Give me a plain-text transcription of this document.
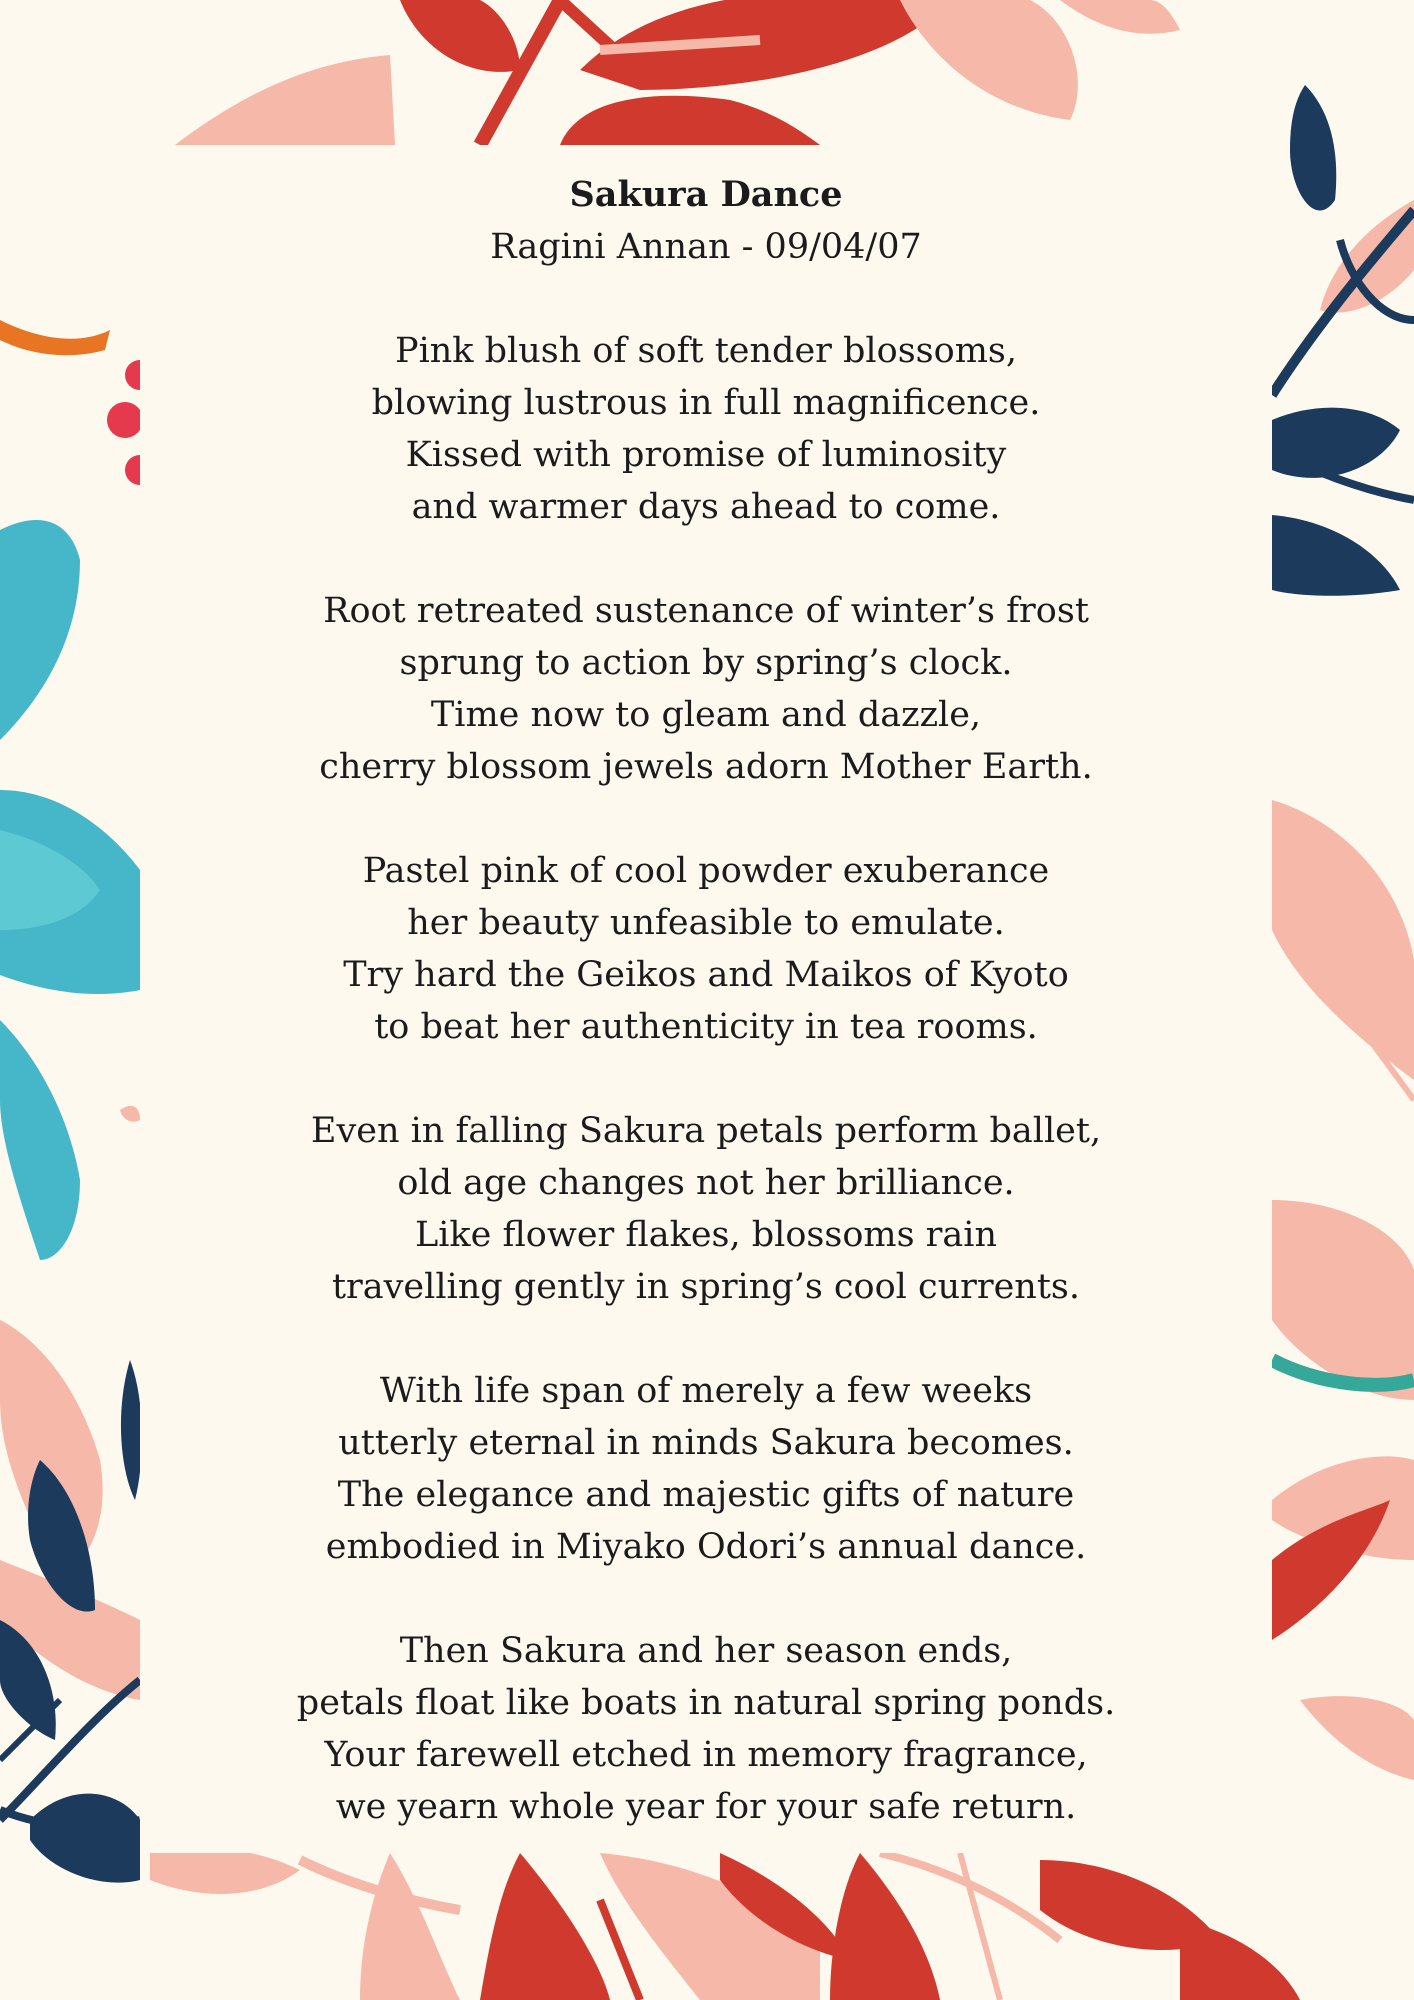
Sakura Dance
Ragini Annan - 09/04/07
Pink blush of soft tender blossoms,
blowing lustrous in full magnificence.
Kissed with promise of luminosity
and warmer days ahead to come.
Root retreated sustenance of winter’s frost
sprung to action by spring’s clock.
Time now to gleam and dazzle,
cherry blossom jewels adorn Mother Earth.
Pastel pink of cool powder exuberance
her beauty unfeasible to emulate.
Try hard the Geikos and Maikos of Kyoto
to beat her authenticity in tea rooms.
Even in falling Sakura petals perform ballet,
old age changes not her brilliance.
Like flower flakes, blossoms rain
travelling gently in spring’s cool currents.
With life span of merely a few weeks
utterly eternal in minds Sakura becomes.
The elegance and majestic gifts of nature
embodied in Miyako Odori’s annual dance.
Then Sakura and her season ends,
petals float like boats in natural spring ponds.
Your farewell etched in memory fragrance,
we yearn whole year for your safe return.
